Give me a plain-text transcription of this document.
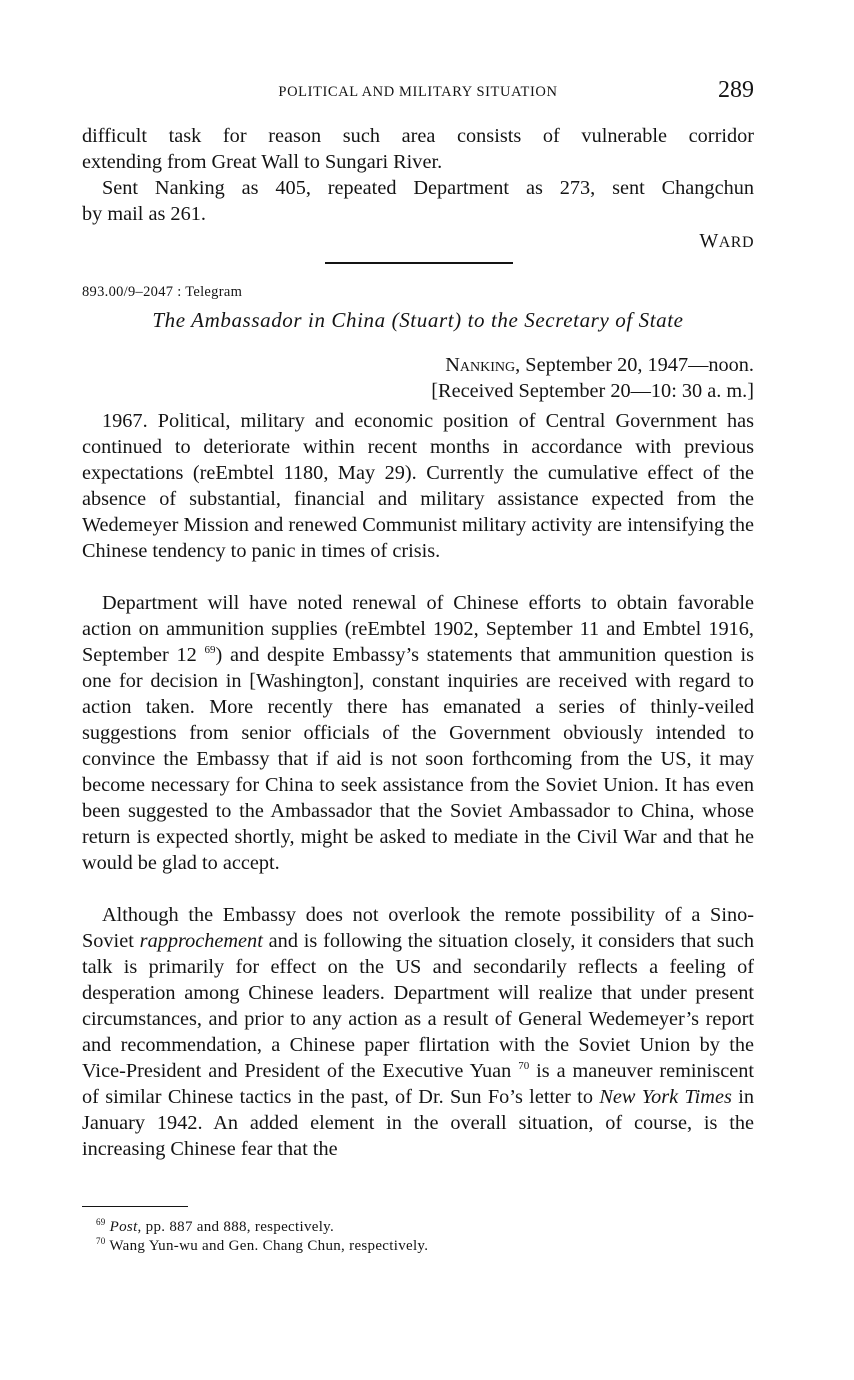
POLITICAL AND MILITARY SITUATION	289

difficult task for reason such area consists of vulnerable corridor

extending from Great Wall to Sungari River.

Sent Nanking as 405, repeated Department as 273, sent Changchun

by mail as 261.

WARD
893.00/9–2047 : Telegram
The Ambassador in China (Stuart) to the Secretary of State
Nanking, September 20, 1947—noon.
[Received September 20—10: 30 a. m.]

1967. Political, military and economic position of Central Government has continued to deteriorate within recent months in accordance with previous expectations (reEmbtel 1180, May 29). Currently the cumulative effect of the absence of substantial, financial and military assistance expected from the Wedemeyer Mission and renewed Communist military activity are intensifying the Chinese tendency to panic in times of crisis.

Department will have noted renewal of Chinese efforts to obtain favorable action on ammunition supplies (reEmbtel 1902, September 11 and Embtel 1916, September 12 $^{69}$) and despite Embassy’s statements that ammunition question is one for decision in [Washington], constant inquiries are received with regard to action taken. More recently there has emanated a series of thinly-veiled suggestions from senior officials of the Government obviously intended to convince the Embassy that if aid is not soon forthcoming from the US, it may become necessary for China to seek assistance from the Soviet Union. It has even been suggested to the Ambassador that the Soviet Ambassador to China, whose return is expected shortly, might be asked to mediate in the Civil War and that he would be glad to accept.

Although the Embassy does not overlook the remote possibility of a Sino-Soviet rapprochement and is following the situation closely, it considers that such talk is primarily for effect on the US and secondarily reflects a feeling of desperation among Chinese leaders. Department will realize that under present circumstances, and prior to any action as a result of General Wedemeyer’s report and recommendation, a Chinese paper flirtation with the Soviet Union by the Vice-President and President of the Executive Yuan $^{70}$ is a maneuver reminiscent of similar Chinese tactics in the past, of Dr. Sun Fo’s letter to New York Times in January 1942. An added element in the overall situation, of course, is the increasing Chinese fear that the

$^{69}$ Post, pp. 887 and 888, respectively.
$^{70}$ Wang Yun-wu and Gen. Chang Chun, respectively.
